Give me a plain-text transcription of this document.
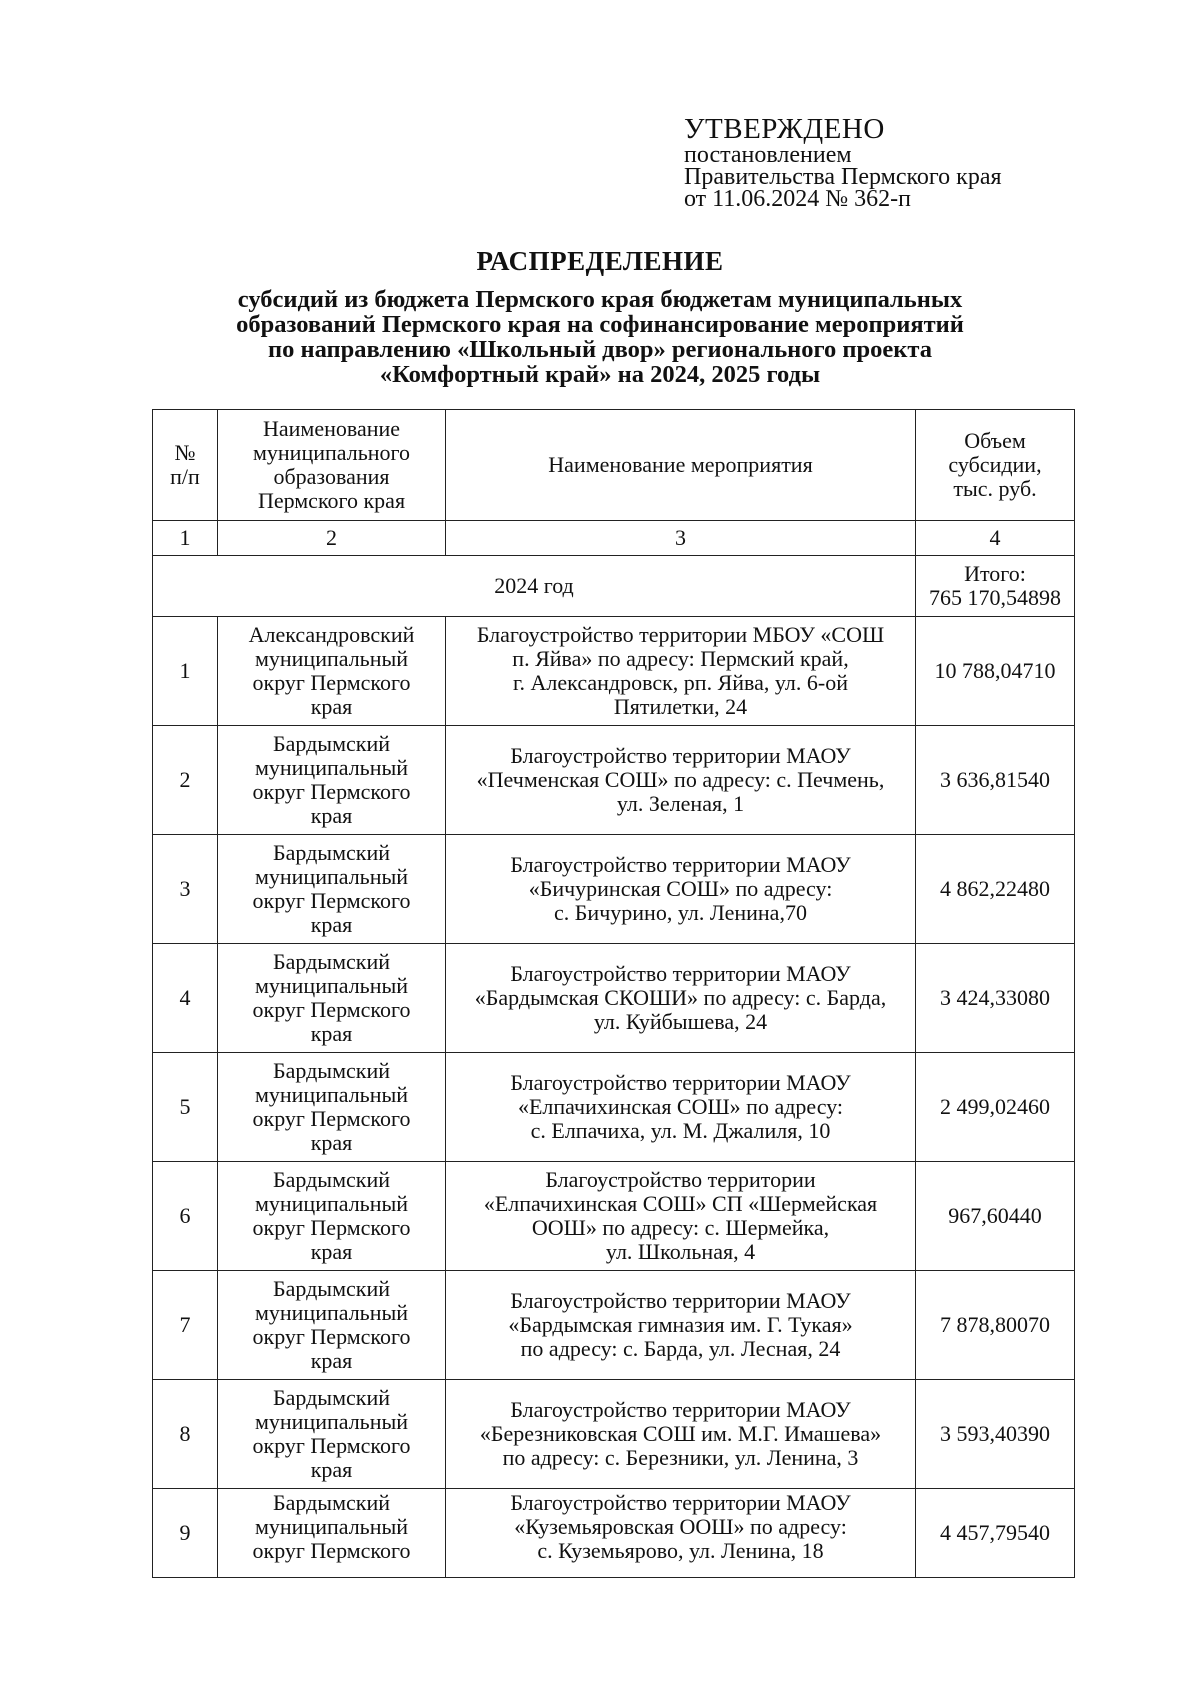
УТВЕРЖДЕНО
постановлением
Правительства Пермского края
от 11.06.2024 № 362-п
РАСПРЕДЕЛЕНИЕ
субсидий из бюджета Пермского края бюджетам муниципальных
образований Пермского края на софинансирование мероприятий
по направлению «Школьный двор» регионального проекта
«Комфортный край» на 2024, 2025 годы
№
п/п	Наименование
муниципального
образования
Пермского края	Наименование мероприятия	Объем
субсидии,
тыс. руб.
1	2	3	4
2024 год			Итого:
765 170,54898
1	Александровский
муниципальный
округ Пермского
края	Благоустройство территории МБОУ «СОШ
п. Яйва» по адресу: Пермский край,
г. Александровск, рп. Яйва, ул. 6-ой
Пятилетки, 24	10 788,04710
2	Бардымский
муниципальный
округ Пермского
края	Благоустройство территории МАОУ
«Печменская СОШ» по адресу: с. Печмень,
ул. Зеленая, 1	3 636,81540
3	Бардымский
муниципальный
округ Пермского
края	Благоустройство территории МАОУ
«Бичуринская СОШ» по адресу:
с. Бичурино, ул. Ленина,70	4 862,22480
4	Бардымский
муниципальный
округ Пермского
края	Благоустройство территории МАОУ
«Бардымская СКОШИ» по адресу: с. Барда,
ул. Куйбышева, 24	3 424,33080
5	Бардымский
муниципальный
округ Пермского
края	Благоустройство территории МАОУ
«Елпачихинская СОШ» по адресу:
с. Елпачиха, ул. М. Джалиля, 10	2 499,02460
6	Бардымский
муниципальный
округ Пермского
края	Благоустройство территории
«Елпачихинская СОШ» СП «Шермейская
ООШ» по адресу: с. Шермейка,
ул. Школьная, 4	967,60440
7	Бардымский
муниципальный
округ Пермского
края	Благоустройство территории МАОУ
«Бардымская гимназия им. Г. Тукая»
по адресу: с. Барда, ул. Лесная, 24	7 878,80070
8	Бардымский
муниципальный
округ Пермского
края	Благоустройство территории МАОУ
«Березниковская СОШ им. М.Г. Имашева»
по адресу: с. Березники, ул. Ленина, 3	3 593,40390
9	Бардымский
муниципальный
округ Пермского	Благоустройство территории МАОУ
«Куземьяровская ООШ» по адресу:
с. Куземьярово, ул. Ленина, 18	4 457,79540
